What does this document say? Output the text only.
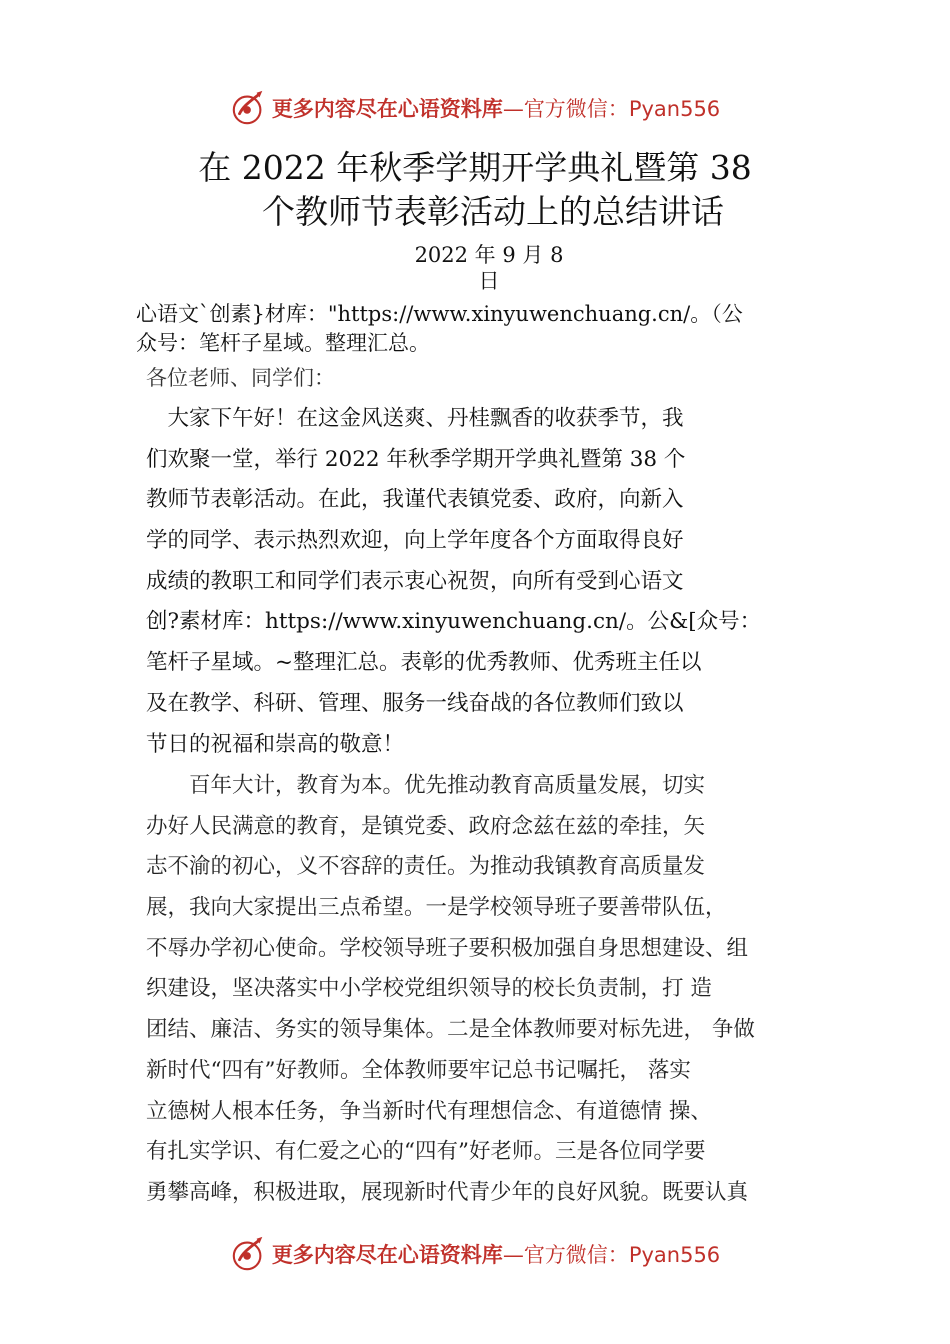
更多内容尽在心语资料库—官方微信：Pyan556
在 2022 年秋季学期开学典礼暨第 38
个教师节表彰活动上的总结讲话
2022 年 9 月 8
日
心语文`创素}材库："https://www.xinyuwenchuang.cn/。（公
众号：笔杆子星域。整理汇总。
各位老师、同学们：
　大家下午好！在这金风送爽、丹桂飘香的收获季节，我
们欢聚一堂，举行 2022 年秋季学期开学典礼暨第 38 个
教师节表彰活动。在此，我谨代表镇党委、政府，向新入
学的同学、表示热烈欢迎，向上学年度各个方面取得良好
成绩的教职工和同学们表示衷心祝贺，向所有受到心语文
创?素材库：https://www.xinyuwenchuang.cn/。公&[众号：
笔杆子星域。~整理汇总。表彰的优秀教师、优秀班主任以
及在教学、科研、管理、服务一线奋战的各位教师们致以
节日的祝福和崇高的敬意！
　　百年大计，教育为本。优先推动教育高质量发展，切实
办好人民满意的教育，是镇党委、政府念兹在兹的牵挂，矢
志不渝的初心，义不容辞的责任。为推动我镇教育高质量发
展，我向大家提出三点希望。一是学校领导班子要善带队伍，
不辱办学初心使命。学校领导班子要积极加强自身思想建设、组
织建设，坚决落实中小学校党组织领导的校长负责制，打 造
团结、廉洁、务实的领导集体。二是全体教师要对标先进， 争做
新时代“四有”好教师。全体教师要牢记总书记嘱托， 落实
立德树人根本任务，争当新时代有理想信念、有道德情 操、
有扎实学识、有仁爱之心的“四有”好老师。三是各位同学要
勇攀高峰，积极进取，展现新时代青少年的良好风貌。既要认真
更多内容尽在心语资料库—官方微信：Pyan556
